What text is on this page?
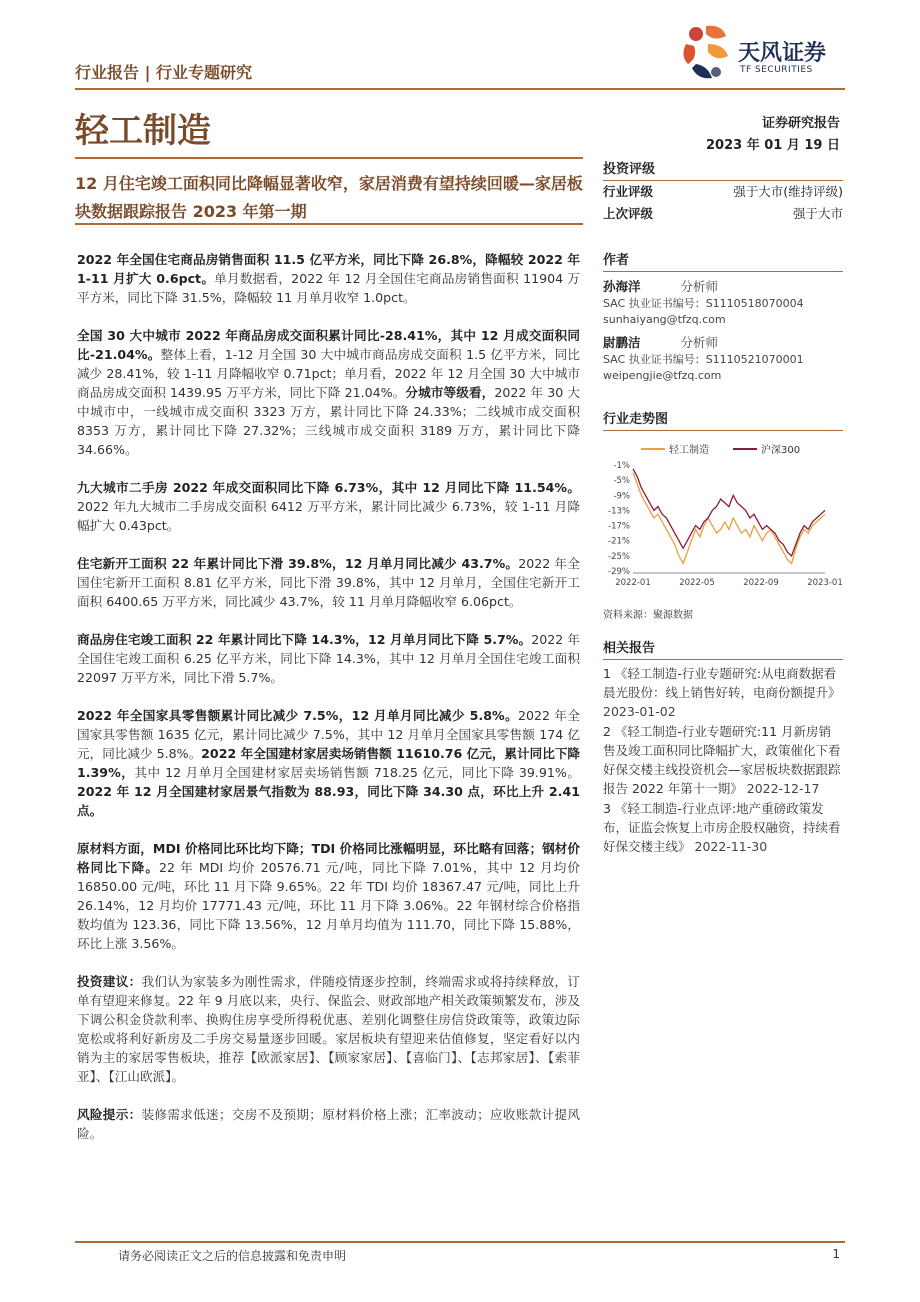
行业报告 | 行业专题研究
天风证券
TF SECURITIES
轻工制造	证券研究报告
2023 年 01 月 19 日
12 月住宅竣工面积同比降幅显著收窄，家居消费有望持续回暖—家居板块数据跟踪报告 2023 年第一期

2022 年全国住宅商品房销售面积 11.5 亿平方米，同比下降 26.8%，降幅较 2022 年 1-11 月扩大 0.6pct。单月数据看，2022 年 12 月全国住宅商品房销售面积 11904 万平方米，同比下降 31.5%，降幅较 11 月单月收窄 1.0pct。

全国 30 大中城市 2022 年商品房成交面积累计同比-28.41%，其中 12 月成交面积同比-21.04%。整体上看，1-12 月全国 30 大中城市商品房成交面积 1.5 亿平方米，同比减少 28.41%，较 1-11 月降幅收窄 0.71pct；单月看，2022 年 12 月全国 30 大中城市商品房成交面积 1439.95 万平方米，同比下降 21.04%。分城市等级看，2022 年 30 大中城市中，一线城市成交面积 3323 万方，累计同比下降 24.33%；二线城市成交面积 8353 万方，累计同比下降 27.32%；三线城市成交面积 3189 万方，累计同比下降 34.66%。

九大城市二手房 2022 年成交面积同比下降 6.73%，其中 12 月同比下降 11.54%。2022 年九大城市二手房成交面积 6412 万平方米，累计同比减少 6.73%，较 1-11 月降幅扩大 0.43pct。

住宅新开工面积 22 年累计同比下滑 39.8%，12 月单月同比减少 43.7%。2022 年全国住宅新开工面积 8.81 亿平方米，同比下滑 39.8%，其中 12 月单月，全国住宅新开工面积 6400.65 万平方米，同比减少 43.7%，较 11 月单月降幅收窄 6.06pct。

商品房住宅竣工面积 22 年累计同比下降 14.3%，12 月单月同比下降 5.7%。2022 年全国住宅竣工面积 6.25 亿平方米，同比下降 14.3%，其中 12 月单月全国住宅竣工面积 22097 万平方米，同比下滑 5.7%。

2022 年全国家具零售额累计同比减少 7.5%，12 月单月同比减少 5.8%。2022 年全国家具零售额 1635 亿元，累计同比减少 7.5%，其中 12 月单月全国家具零售额 174 亿元，同比减少 5.8%。2022 年全国建材家居卖场销售额 11610.76 亿元，累计同比下降 1.39%，其中 12 月单月全国建材家居卖场销售额 718.25 亿元，同比下降 39.91%。2022 年 12 月全国建材家居景气指数为 88.93，同比下降 34.30 点，环比上升 2.41 点。

原材料方面，MDI 价格同比环比均下降；TDI 价格同比涨幅明显，环比略有回落；钢材价格同比下降。22 年 MDI 均价 20576.71 元/吨，同比下降 7.01%，其中 12 月均价 16850.00 元/吨，环比 11 月下降 9.65%。22 年 TDI 均价 18367.47 元/吨，同比上升 26.14%，12 月均价 17771.43 元/吨，环比 11 月下降 3.06%。22 年钢材综合价格指数均值为 123.36，同比下降 13.56%，12 月单月均值为 111.70，同比下降 15.88%，环比上涨 3.56%。

投资建议：我们认为家装多为刚性需求，伴随疫情逐步控制，终端需求或将持续释放，订单有望迎来修复。22 年 9 月底以来，央行、保监会、财政部地产相关政策频繁发布，涉及下调公积金贷款利率、换购住房享受所得税优惠、差别化调整住房信贷政策等，政策边际宽松或将利好新房及二手房交易量逐步回暖。家居板块有望迎来估值修复，坚定看好以内销为主的家居零售板块，推荐【欧派家居】、【顾家家居】、【喜临门】、【志邦家居】、【索菲亚】、【江山欧派】。

风险提示：装修需求低迷；交房不及预期；原材料价格上涨；汇率波动；应收账款计提风险。

投资评级
行业评级	强于大市(维持评级)
上次评级	强于大市
作者
孙海洋	分析师
SAC 执业证书编号：S1110518070004
sunhaiyang@tfzq.com
尉鹏洁	分析师
SAC 执业证书编号：S1110521070001
weipengjie@tfzq.com
行业走势图
轻工制造	沪深300
-1%
-5%
-9%
-13%
-17%
-21%
-25%
-29%
2022-01	2022-05	2022-09	2023-01
资料来源：聚源数据
相关报告
1 《轻工制造-行业专题研究:从电商数据看晨光股份：线上销售好转，电商份额提升》 2023-01-02
2 《轻工制造-行业专题研究:11 月新房销售及竣工面积同比降幅扩大，政策催化下看好保交楼主线投资机会—家居板块数据跟踪报告 2022 年第十一期》 2022-12-17
3 《轻工制造-行业点评:地产重磅政策发布，证监会恢复上市房企股权融资，持续看好保交楼主线》 2022-11-30
请务必阅读正文之后的信息披露和免责申明	1
